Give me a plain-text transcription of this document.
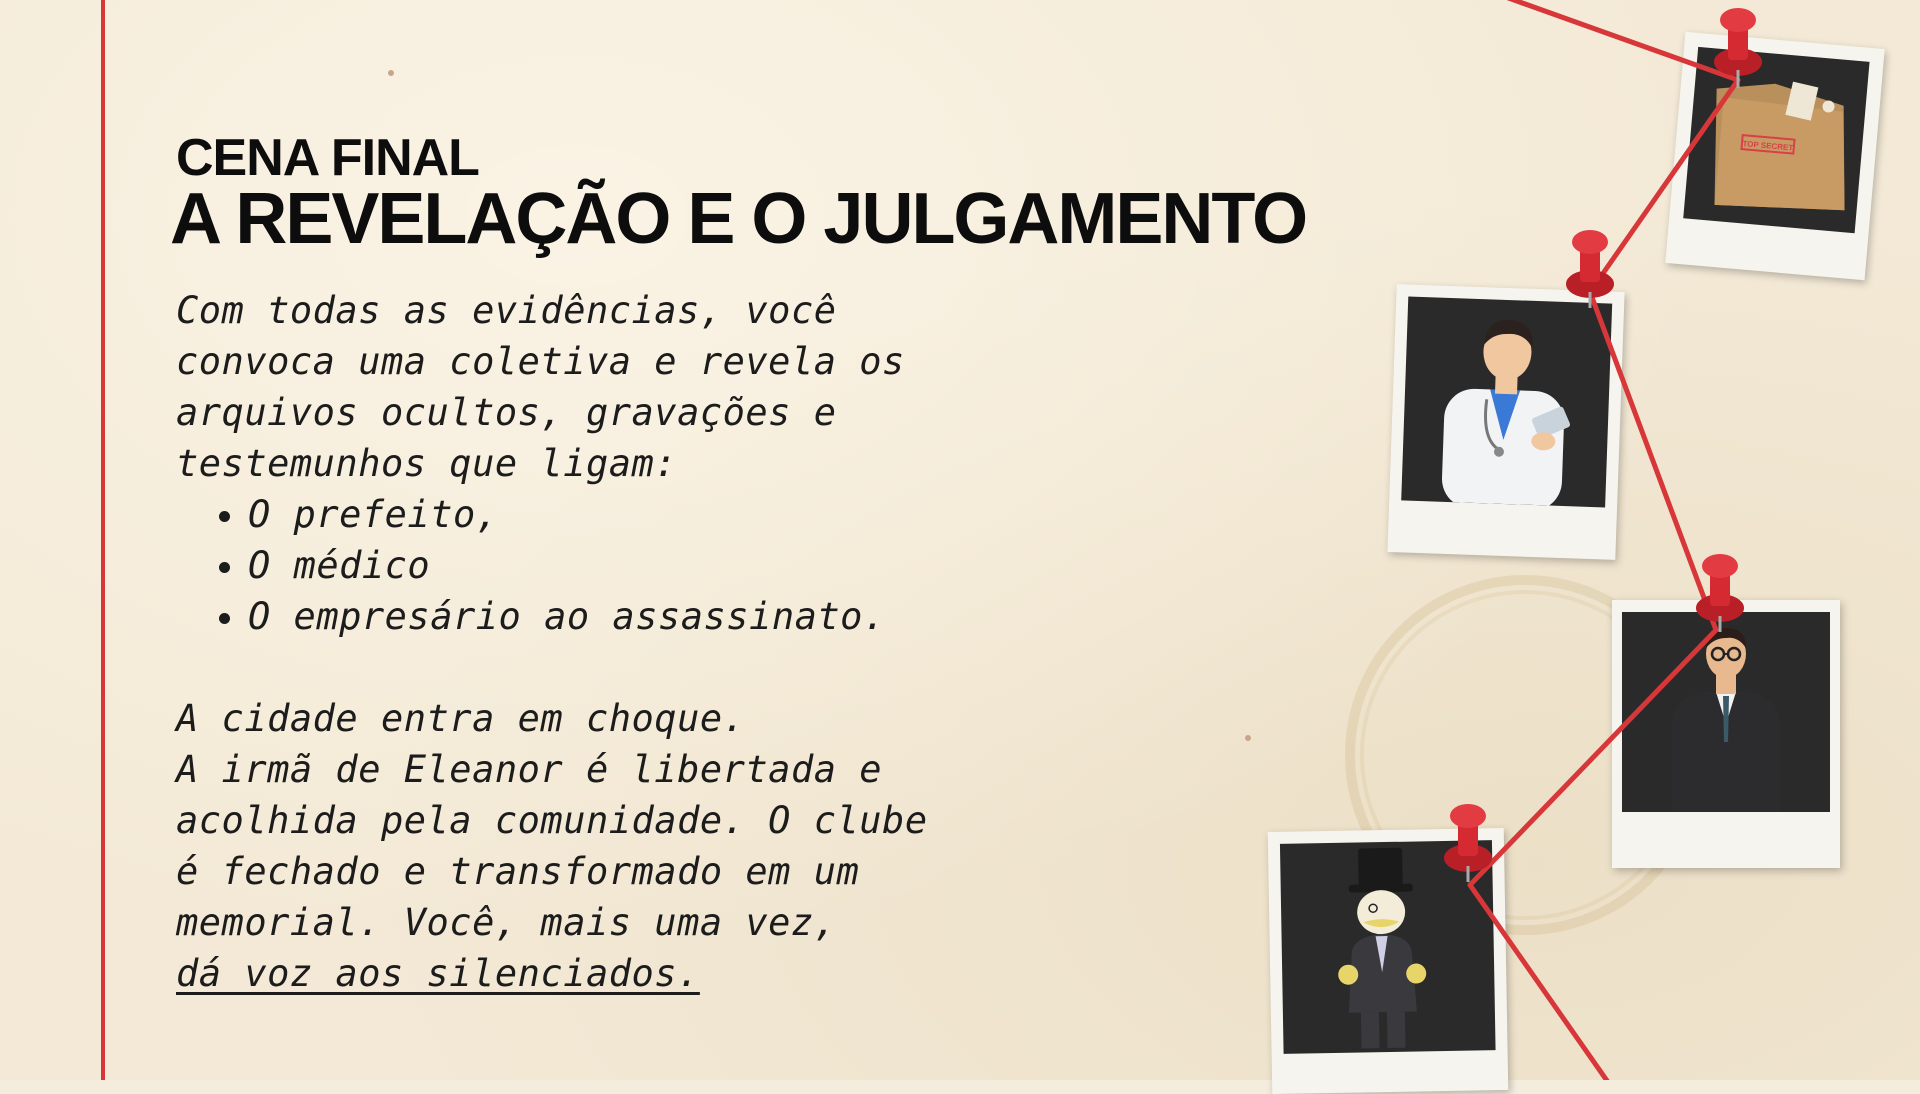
CENA FINAL
A REVELAÇÃO E O JULGAMENTO

Com todas as evidências, você

convoca uma coletiva e revela os

arquivos ocultos, gravações e

testemunhos que ligam:

• O prefeito,
• O médico
• O empresário ao assassinato.

A cidade entra em choque.

A irmã de Eleanor é libertada e

acolhida pela comunidade. O clube

é fechado e transformado em um

memorial. Você, mais uma vez,

dá voz aos silenciados.

TOP SECRET
